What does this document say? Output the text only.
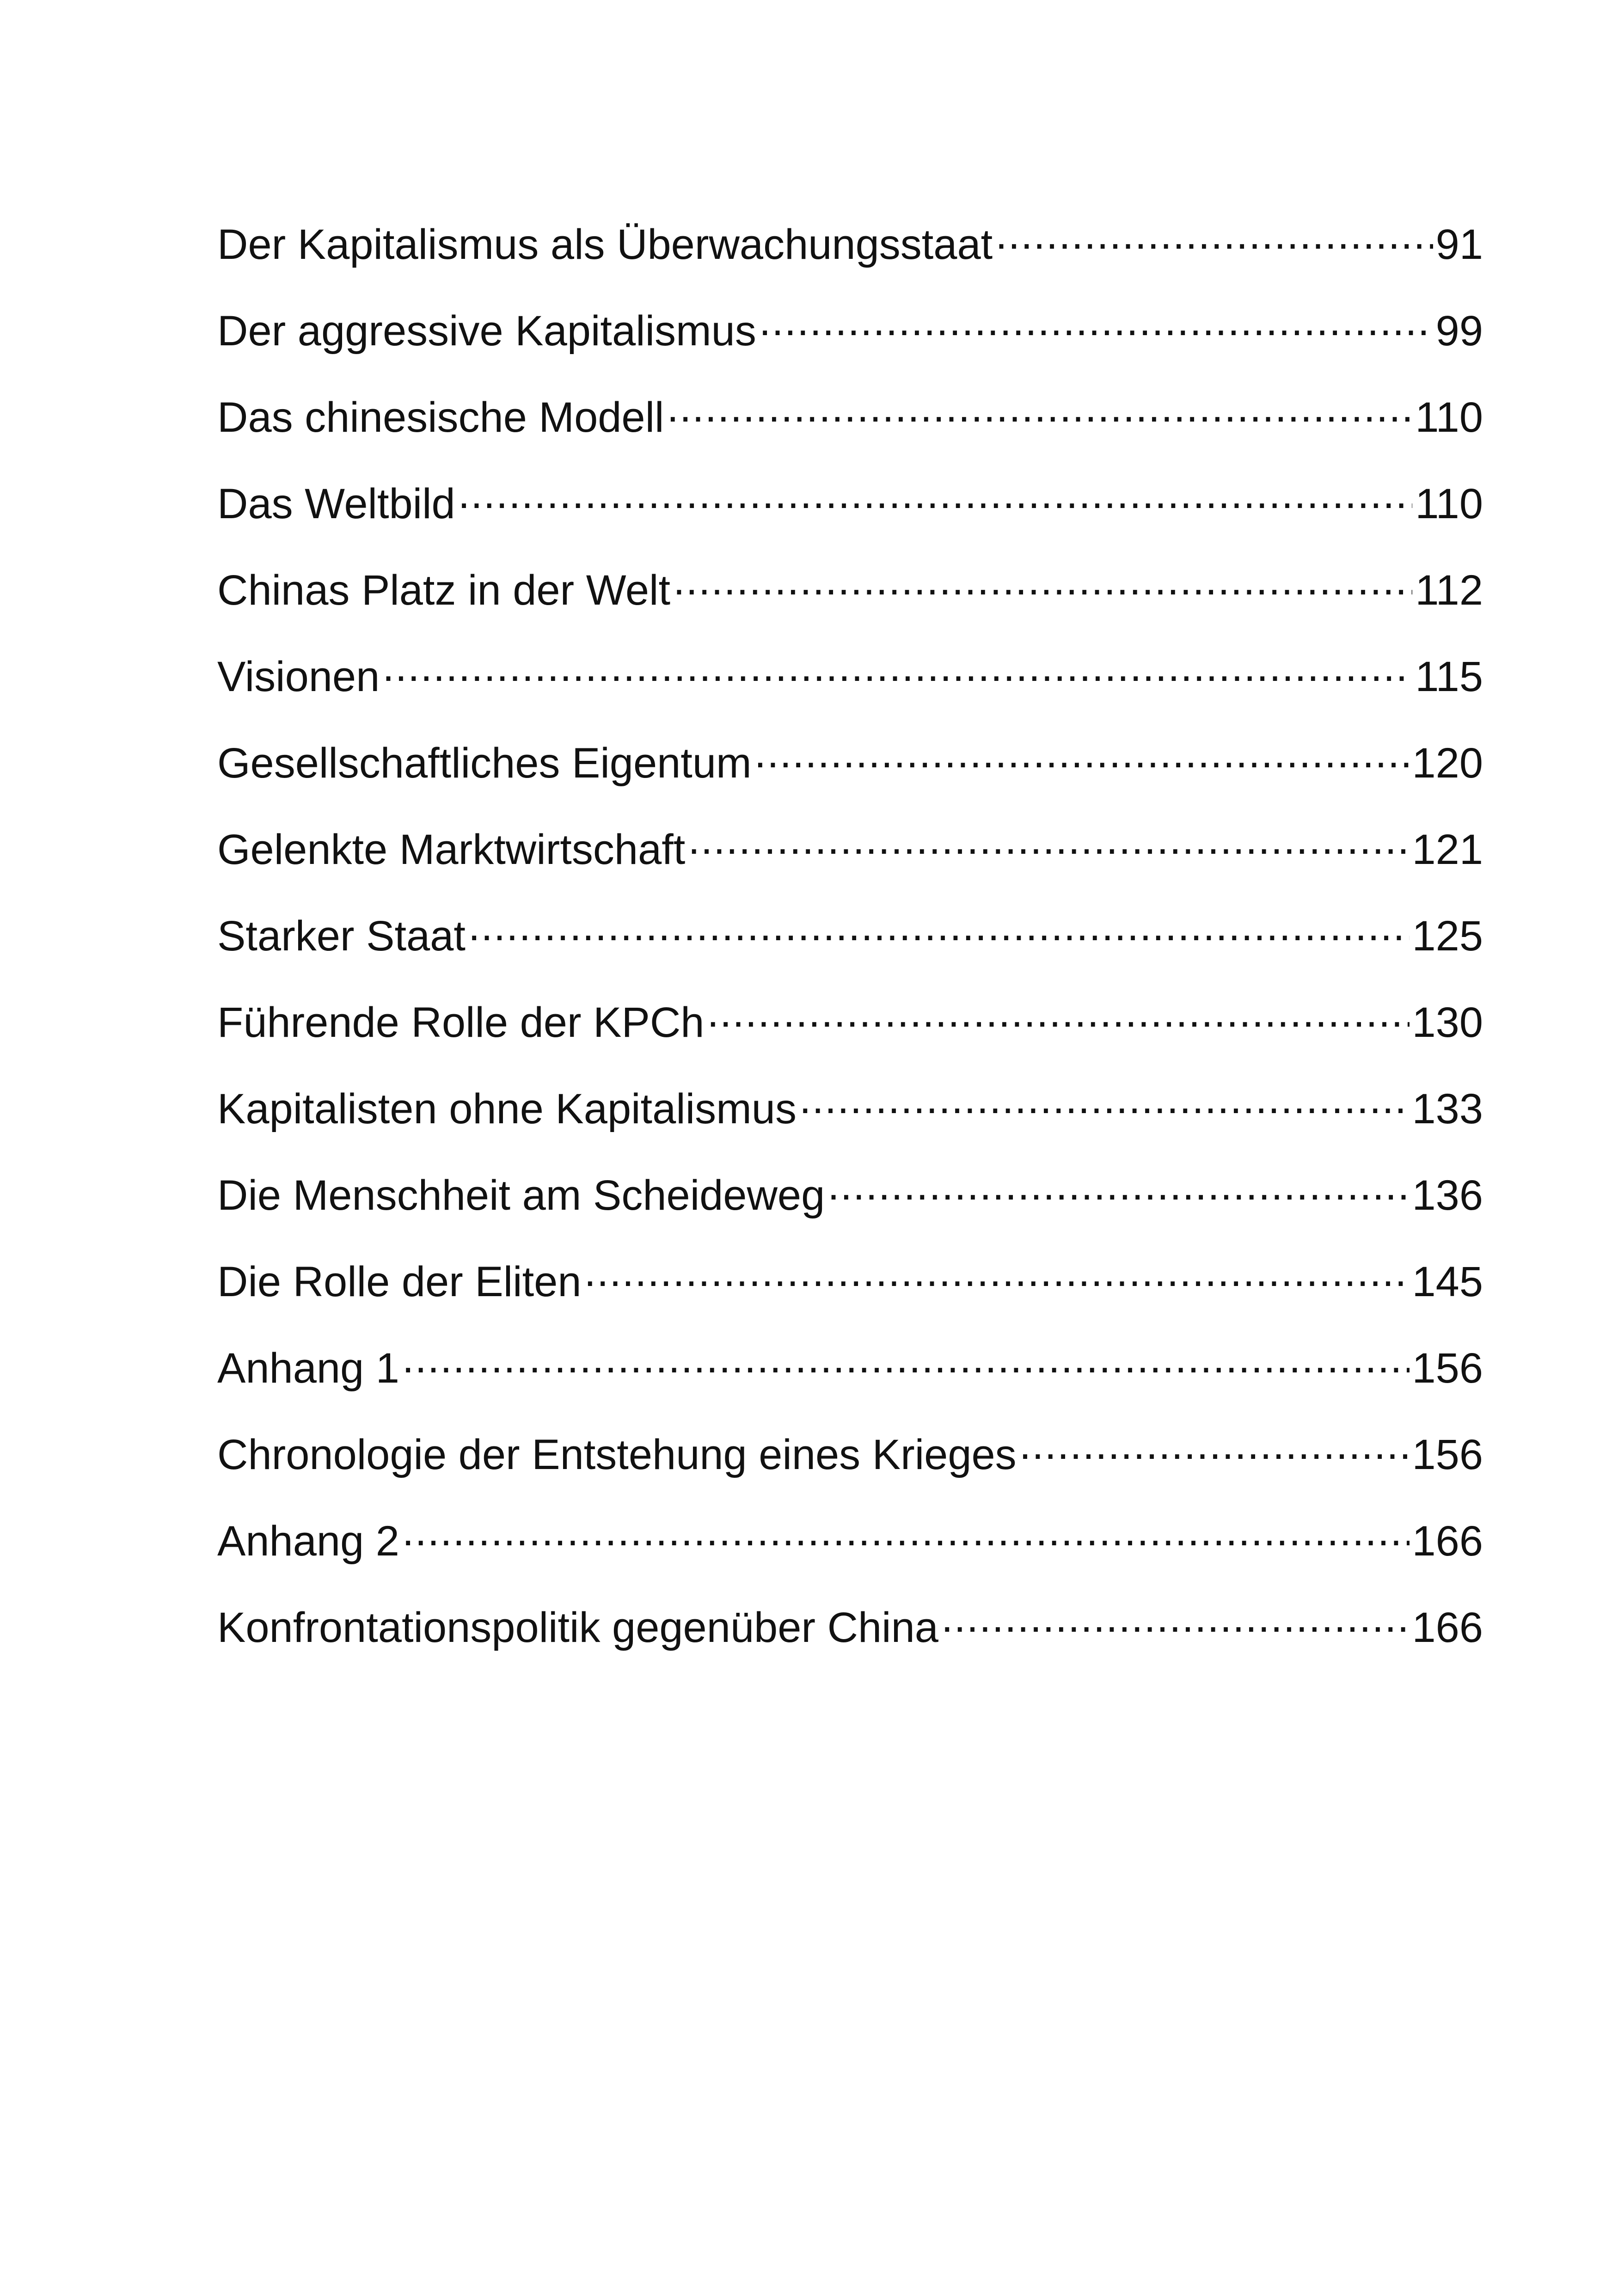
Der Kapitalismus als Überwachungsstaat .....	91
Der aggressive Kapitalismus .....	99
Das chinesische Modell .....	110
Das Weltbild .....	110
Chinas Platz in der Welt .....	112
Visionen .....	115
Gesellschaftliches Eigentum .....	120
Gelenkte Marktwirtschaft .....	121
Starker Staat .....	125
Führende Rolle der KPCh .....	130
Kapitalisten ohne Kapitalismus .....	133
Die Menschheit am Scheideweg .....	136
Die Rolle der Eliten .....	145
Anhang 1 .....	156
Chronologie der Entstehung eines Krieges .....	156
Anhang 2 .....	166
Konfrontationspolitik gegenüber China .....	166
